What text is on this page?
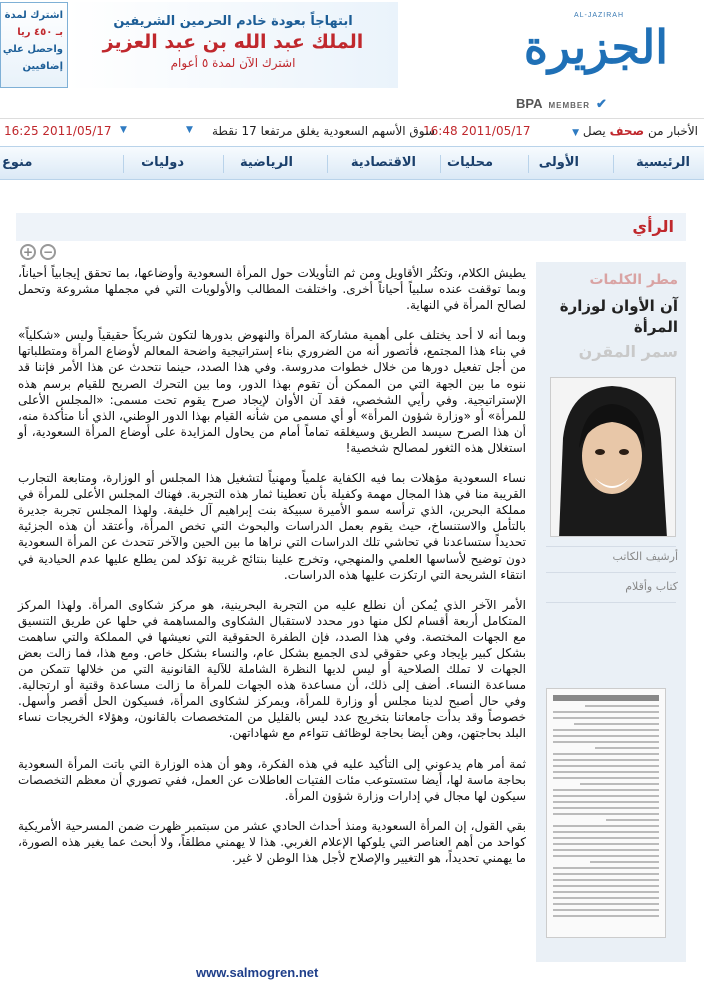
اشترك لمدة
بـ ٤٥٠ ريا
واحصل علي
إضافيين
ابتهاجاً بعودة خادم الحرمين الشريفين
الملك عبد الله بن عبد العزيز
اشترك الآن لمدة ٥ أعوام
AL-JAZIRAH
الجزيرة
BPA MEMBER ✔
الأخبار من صحف يصل ▼
16:48 2011/05/17
سوق الأسهم السعودية يغلق مرتفعا 17 نقطة
▼
16:25 2011/05/17 ▼
الرئيسية
الأولى
محليات
الاقتصادية
الرياضية
دوليات
منوع
الرأي
+ −

يطيش الكلام، وتكثُر الأقاويل ومن ثم التأويلات حول المرأة السعودية وأوضاعها، بما تحقق إيجابياً أحياناً، وبما توقفت عنده سلبياً أحياناً أخرى. واختلفت المطالب والأولويات التي في مجملها مشروعة وتحمل لصالح المرأة في النهاية.

وبما أنه لا أحد يختلف على أهمية مشاركة المرأة والنهوض بدورها لتكون شريكاً حقيقياً وليس «شكلياً» في بناء هذا المجتمع، فأتصور أنه من الضروري بناء إستراتيجية واضحة المعالم لأوضاع المرأة ومتطلباتها من أجل تفعيل دورها من خلال خطوات مدروسة. وفي هذا الصدد، حينما نتحدث عن هذا الأمر فإننا قد ننوه ما بين الجهة التي من الممكن أن تقوم بهذا الدور، وما بين التحرك الصريح للقيام برسم هذه الإستراتيجية. وفي رأيي الشخصي، فقد آن الأوان لإيجاد صرح يقوم تحت مسمى: «المجلس الأعلى للمرأة» أو «وزارة شؤون المرأة» أو أي مسمى من شأنه القيام بهذا الدور الوطني، الذي أنا متأكدة منه، أن هذا الصرح سيسد الطريق وسيغلقه تماماً أمام من يحاول المزايدة على أوضاع المرأة السعودية، أو استغلال هذه الثغور لمصالح شخصية!

نساء السعودية مؤهلات بما فيه الكفاية علمياً ومهنياً لتشغيل هذا المجلس أو الوزارة، ومتابعة التجارب القريبة منا في هذا المجال مهمة وكفيلة بأن تعطينا ثمار هذه التجربة. فهناك المجلس الأعلى للمرأة في مملكة البحرين، الذي ترأسه سمو الأميرة سبيكة بنت إبراهيم آل خليفة. ولهذا المجلس تجربة جديرة بالتأمل والاستنساخ، حيث يقوم بعمل الدراسات والبحوث التي تخص المرأة، وأعتقد أن هذه الجزئية تحديداً ستساعدنا في تحاشي تلك الدراسات التي نراها ما بين الحين والآخر تتحدث عن المرأة السعودية دون توضيح لأساسها العلمي والمنهجي، وتخرج علينا بنتائج غريبة تؤكد لمن يطلع عليها عدم الحيادية في انتقاء الشريحة التي ارتكزت عليها هذه الدراسات.

الأمر الآخر الذي يُمكن أن نطلع عليه من التجربة البحرينية، هو مركز شكاوى المرأة. ولهذا المركز المتكامل أربعة أقسام لكل منها دور محدد لاستقبال الشكاوى والمساهمة في حلها عن طريق التنسيق مع الجهات المختصة. وفي هذا الصدد، فإن الطفرة الحقوقية التي نعيشها في المملكة والتي ساهمت بشكل كبير بإيجاد وعي حقوقي لدى الجميع بشكل عام، والنساء بشكل خاص. ومع هذا، فما زالت بعض الجهات لا تملك الصلاحية أو ليس لديها النظرة الشاملة للآلية القانونية التي من خلالها تتمكن من مساعدة النساء. أضف إلى ذلك، أن مساعدة هذه الجهات للمرأة ما زالت مساعدة وقتية أو ارتجالية. وفي حال أصبح لدينا مجلس أو وزارة للمرأة، ويمركز لشكاوى المرأة، فسيكون الحل أقصر وأسهل. خصوصاً وقد بدأت جامعاتنا بتخريج عدد ليس بالقليل من المتخصصات بالقانون، وهؤلاء الخريجات نساء البلد بحاجتهن، وهن أيضا بحاجة لوظائف تتواءم مع شهاداتهن.

ثمة أمر هام يدعوني إلى التأكيد عليه في هذه الفكرة، وهو أن هذه الوزارة التي باتت المرأة السعودية بحاجة ماسة لها، أيضا ستستوعب مئات الفتيات العاطلات عن العمل، ففي تصوري أن معظم التخصصات سيكون لها مجال في إدارات وزارة شؤون المرأة.

بقي القول، إن المرأة السعودية ومنذ أحداث الحادي عشر من سبتمبر ظهرت ضمن المسرحية الأمريكية كواحد من أهم العناصر التي يلوكها الإعلام الغربي. هذا لا يهمني مطلقاً، ولا أبحث عما يغير هذه الصورة، ما يهمني تحديداً، هو التغيير والإصلاح لأجل هذا الوطن لا غير.

www.salmogren.net
مطر الكلمات
آن الأوان لوزارة المرأة
سمر المقرن
أرشيف الكاتب
كتاب وأقلام
